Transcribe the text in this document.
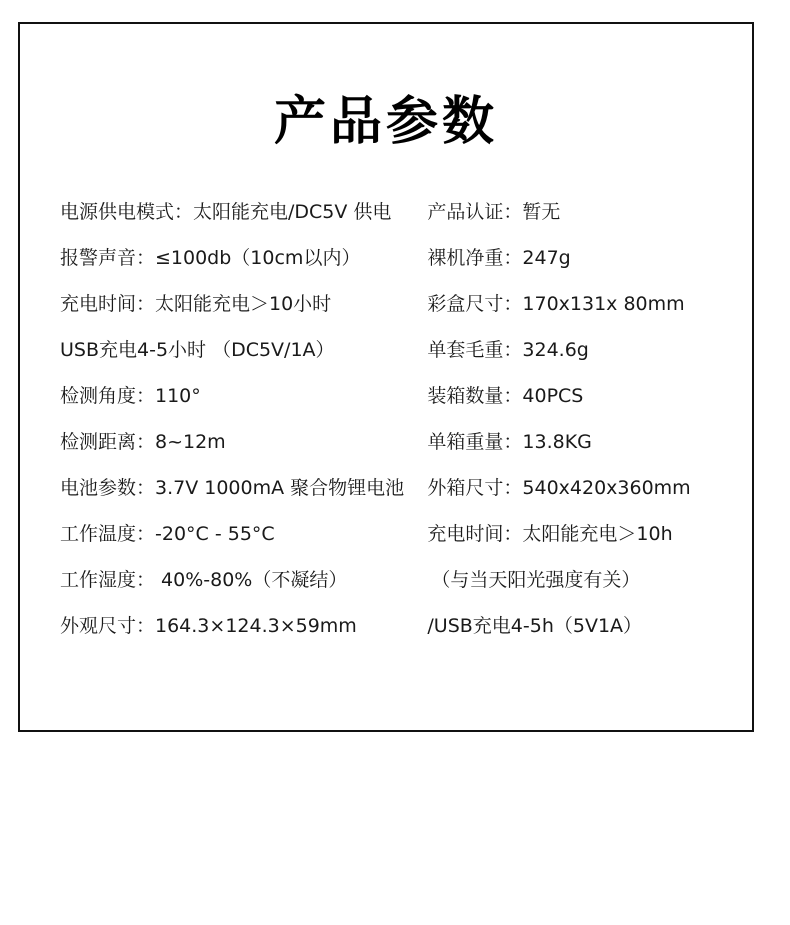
产品参数
电源供电模式：太阳能充电/DC5V 供电
报警声音：≤100db（10cm以内）
充电时间：太阳能充电＞10小时
USB充电4-5小时 （DC5V/1A）
检测角度：110°
检测距离：8~12m
电池参数：3.7V 1000mA 聚合物锂电池
工作温度：-20°C - 55°C
工作湿度： 40%-80%（不凝结）
外观尺寸：164.3×124.3×59mm
产品认证：暂无
裸机净重：247g
彩盒尺寸：170x131x 80mm
单套毛重：324.6g
装箱数量：40PCS
单箱重量：13.8KG
外箱尺寸：540x420x360mm
充电时间：太阳能充电＞10h
（与当天阳光强度有关）
/USB充电4-5h（5V1A）
